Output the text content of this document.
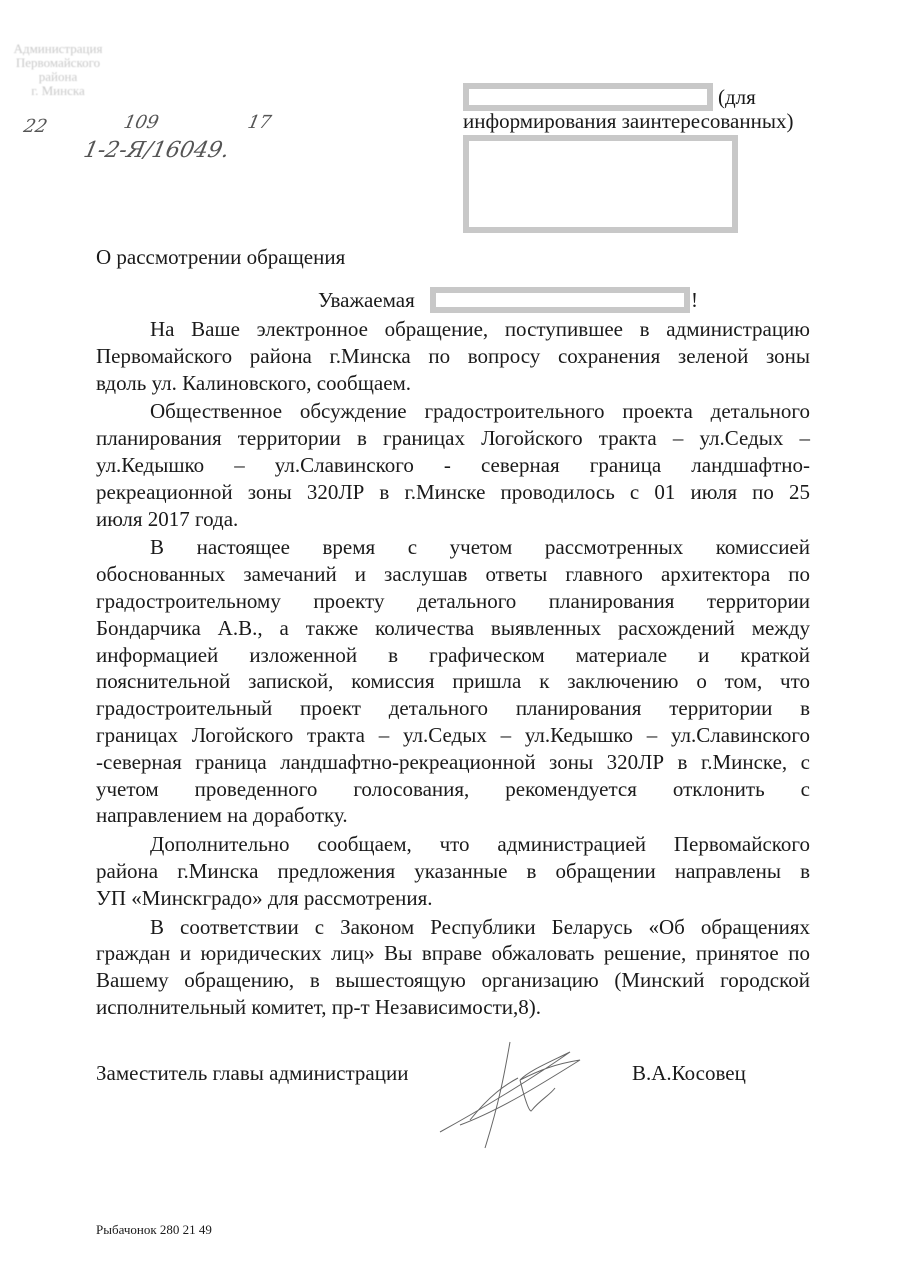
Администрация
Первомайского
района
г. Минска
22	109	17
1-2-Я/16049.
(для
информирования заинтересованных)
О рассмотрении обращения
Уважаемая	!
На Ваше электронное обращение, поступившее в администрацию
Первомайского района г.Минска по вопросу сохранения зеленой зоны
вдоль ул. Калиновского, сообщаем.
Общественное обсуждение градостроительного проекта детального
планирования территории в границах Логойского тракта – ул.Седых –
ул.Кедышко – ул.Славинского - северная граница ландшафтно-
рекреационной зоны 320ЛР в г.Минске проводилось с 01 июля по 25
июля 2017 года.
В настоящее время с учетом рассмотренных комиссией
обоснованных замечаний и заслушав ответы главного архитектора по
градостроительному проекту детального планирования территории
Бондарчика А.В., а также количества выявленных расхождений между
информацией изложенной в графическом материале и краткой
пояснительной запиской, комиссия пришла к заключению о том, что
градостроительный проект детального планирования территории в
границах Логойского тракта – ул.Седых – ул.Кедышко – ул.Славинского
-северная граница ландшафтно-рекреационной зоны 320ЛР в г.Минске, с
учетом проведенного голосования, рекомендуется отклонить с
направлением на доработку.
Дополнительно сообщаем, что администрацией Первомайского
района г.Минска предложения указанные в обращении направлены в
УП «Минскградо» для рассмотрения.
В соответствии с Законом Республики Беларусь «Об обращениях
граждан и юридических лиц» Вы вправе обжаловать решение, принятое по
Вашему обращению, в вышестоящую организацию (Минский городской
исполнительный комитет, пр-т Независимости,8).
Заместитель главы администрации	В.А.Косовец
Рыбачонок 280 21 49
